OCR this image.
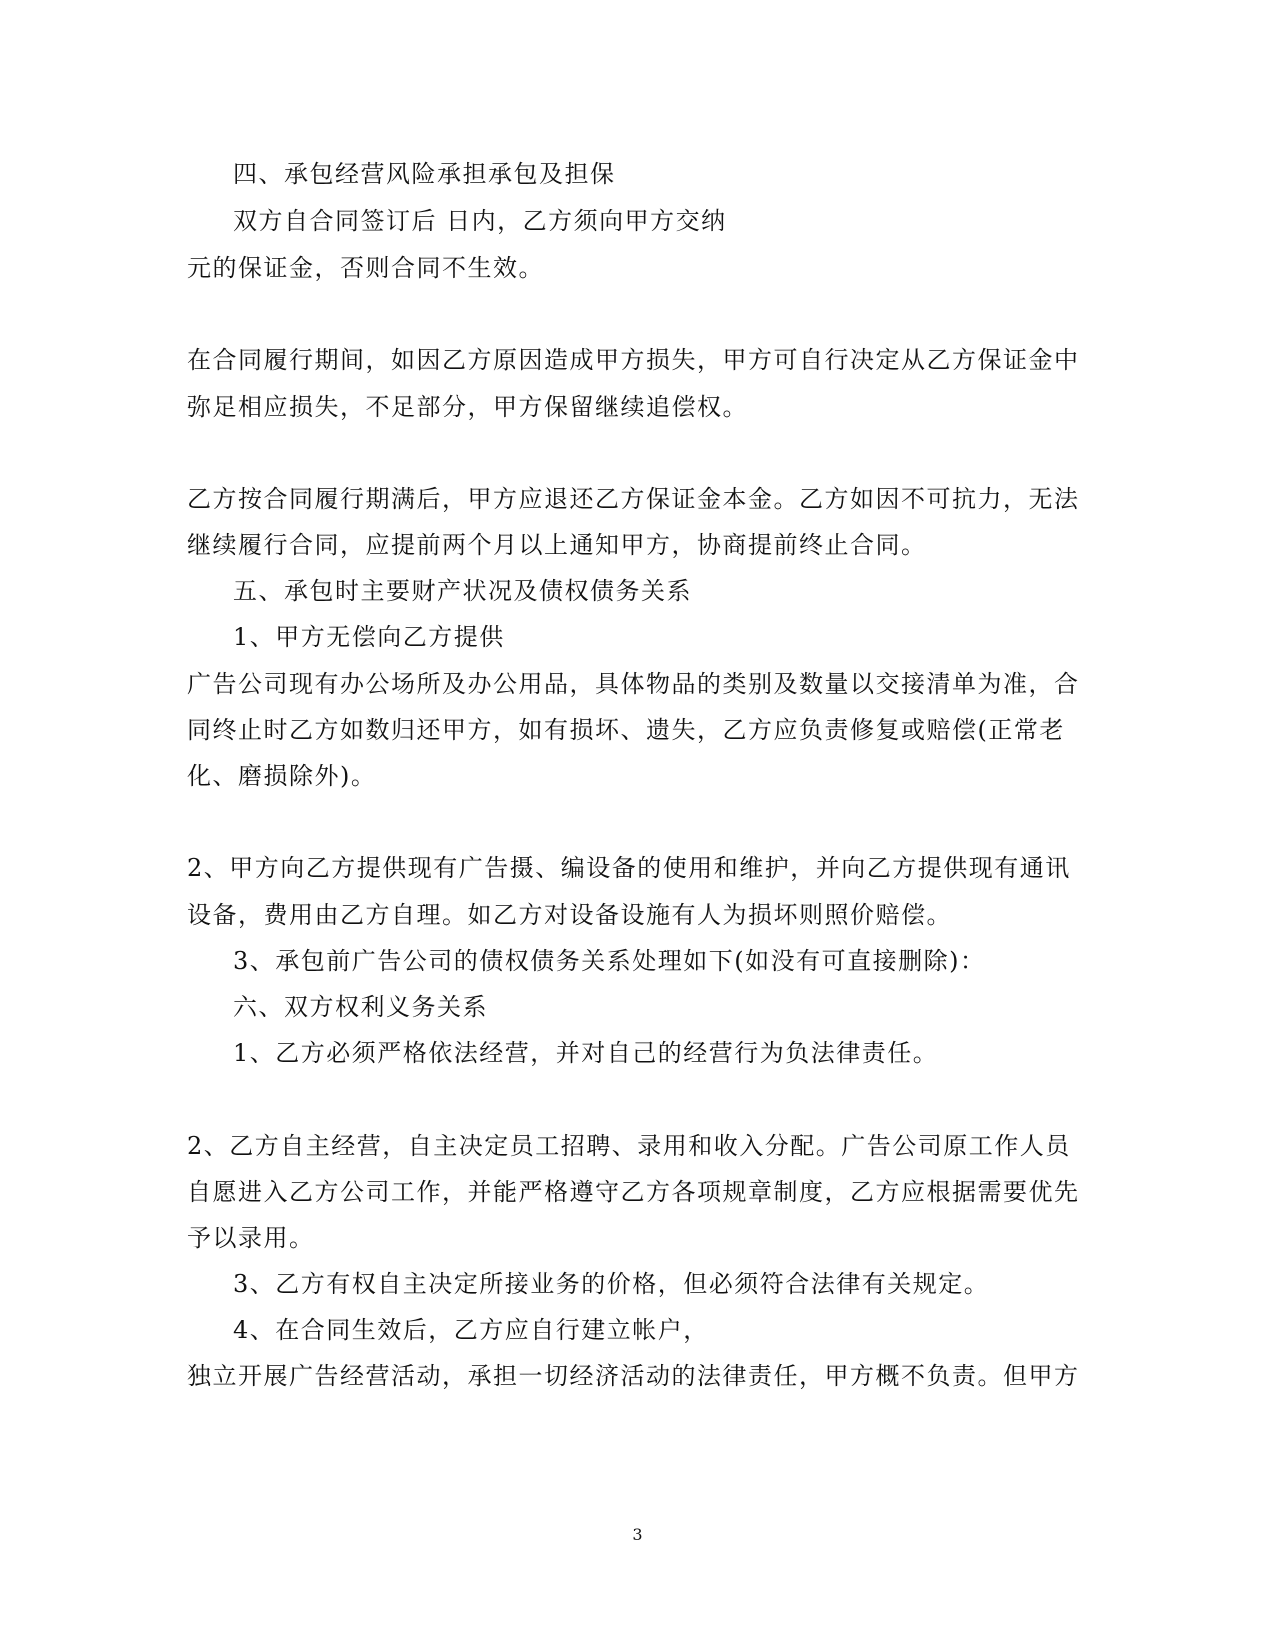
四、承包经营风险承担承包及担保
双方自合同签订后 日内，乙方须向甲方交纳
元的保证金，否则合同不生效。
在合同履行期间，如因乙方原因造成甲方损失，甲方可自行决定从乙方保证金中
弥足相应损失，不足部分，甲方保留继续追偿权。
乙方按合同履行期满后，甲方应退还乙方保证金本金。乙方如因不可抗力，无法
继续履行合同，应提前两个月以上通知甲方，协商提前终止合同。
五、承包时主要财产状况及债权债务关系
1、甲方无偿向乙方提供
广告公司现有办公场所及办公用品，具体物品的类别及数量以交接清单为准，合
同终止时乙方如数归还甲方，如有损坏、遗失，乙方应负责修复或赔偿(正常老
化、磨损除外)。
2、甲方向乙方提供现有广告摄、编设备的使用和维护，并向乙方提供现有通讯
设备，费用由乙方自理。如乙方对设备设施有人为损坏则照价赔偿。
3、承包前广告公司的债权债务关系处理如下(如没有可直接删除)：
六、双方权利义务关系
1、乙方必须严格依法经营，并对自己的经营行为负法律责任。
2、乙方自主经营，自主决定员工招聘、录用和收入分配。广告公司原工作人员
自愿进入乙方公司工作，并能严格遵守乙方各项规章制度，乙方应根据需要优先
予以录用。
3、乙方有权自主决定所接业务的价格，但必须符合法律有关规定。
4、在合同生效后，乙方应自行建立帐户，
独立开展广告经营活动，承担一切经济活动的法律责任，甲方概不负责。但甲方
3
